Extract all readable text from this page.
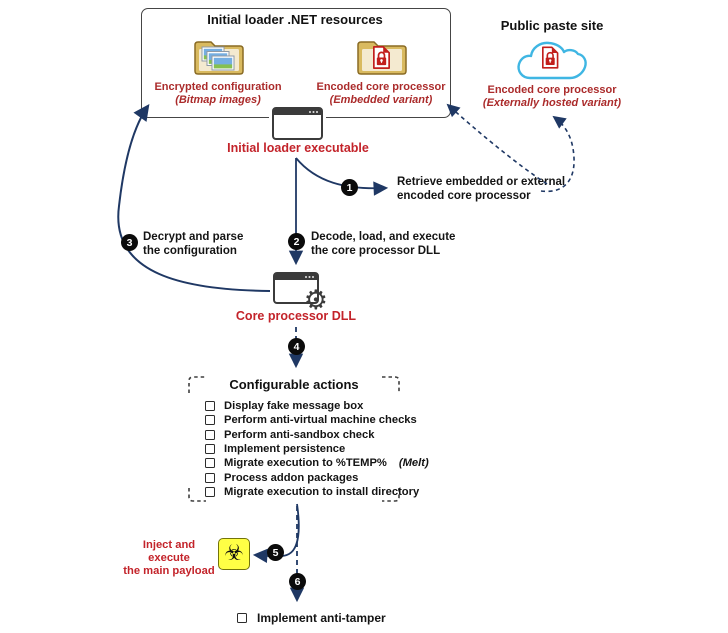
Initial loader .NET resources
Encrypted configuration
(Bitmap images)
Encoded core processor
(Embedded variant)
Public paste site
Encoded core processor
(Externally hosted variant)
Initial loader executable
Retrieve embedded or external
encoded core processor
Decode, load, and execute
the core processor DLL
Decrypt and parse
the configuration
1
2
3
4
5
6
⚙
Core processor DLL
Configurable actions
Display fake message box
Perform anti-virtual machine checks
Perform anti-sandbox check
Implement persistence
Migrate execution to %TEMP% (Melt)
Process addon packages
Migrate execution to install directory
Inject and execute
the main payload
☣
Implement anti-tamper
